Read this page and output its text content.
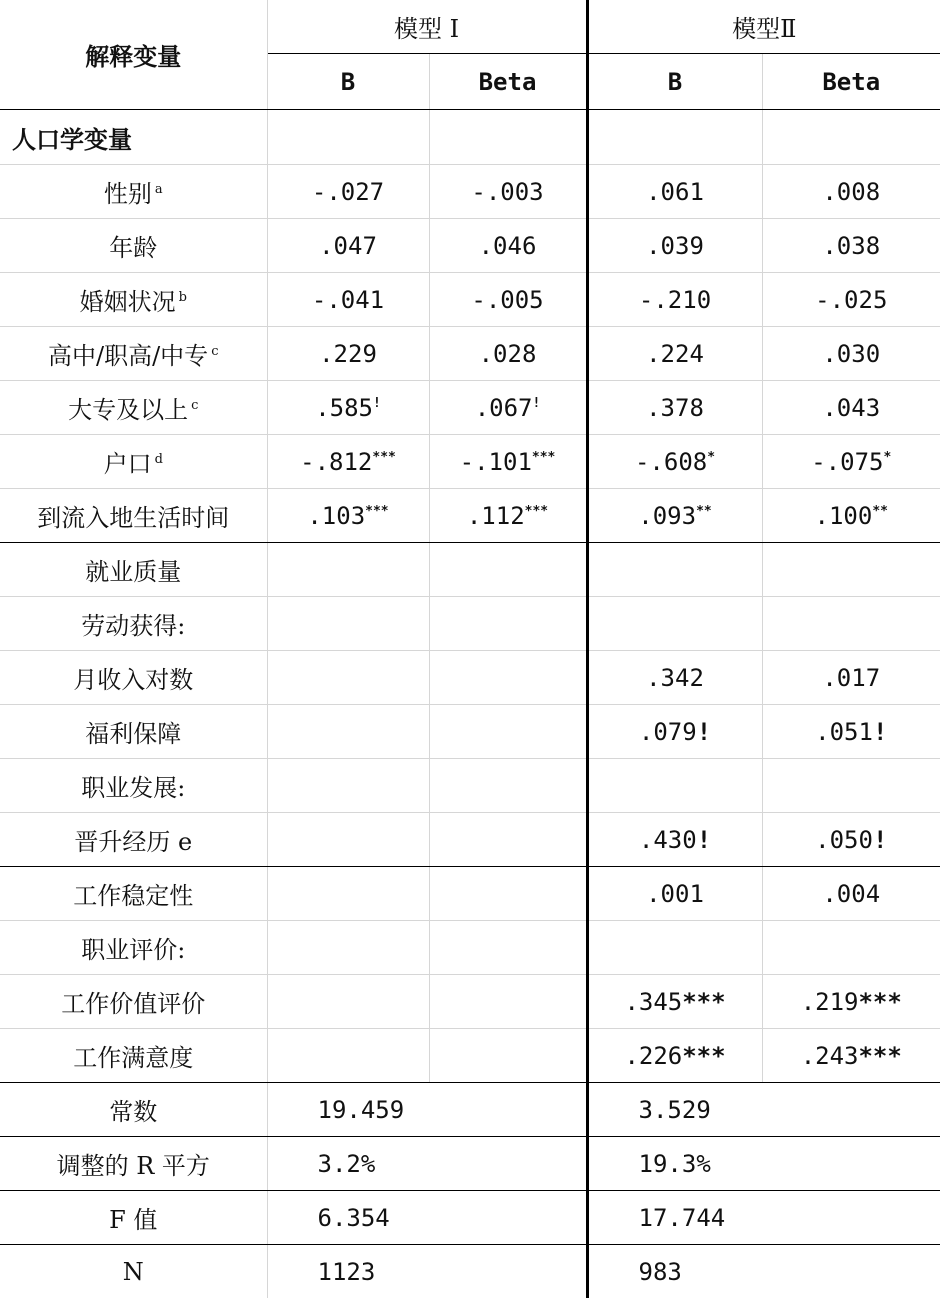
解释变量	模型 I		模型Ⅱ	
	B	Beta	B	Beta
人口学变量				
性别 $^a$	-.027	-.003	.061	.008
年龄	.047	.046	.039	.038
婚姻状况 $^b$	-.041	-.005	-.210	-.025
高中/职高/中专 $^c$	.229	.028	.224	.030
大专及以上 $^c$	.585!	.067!	.378	.043
户口 $^d$	-.812***	-.101***	-.608*	-.075*
到流入地生活时间	.103***	.112***	.093**	.100**
就业质量				
劳动获得:				
月收入对数			.342	.017
福利保障			.079!	.051!
职业发展:				
晋升经历 e			.430!	.050!
工作稳定性			.001	.004
职业评价:				
工作价值评价			.345***	.219***
工作满意度			.226***	.243***
常数	19.459		3.529	
调整的 R 平方	3.2%		19.3%	
F 值	6.354		17.744	
N	1123		983	
